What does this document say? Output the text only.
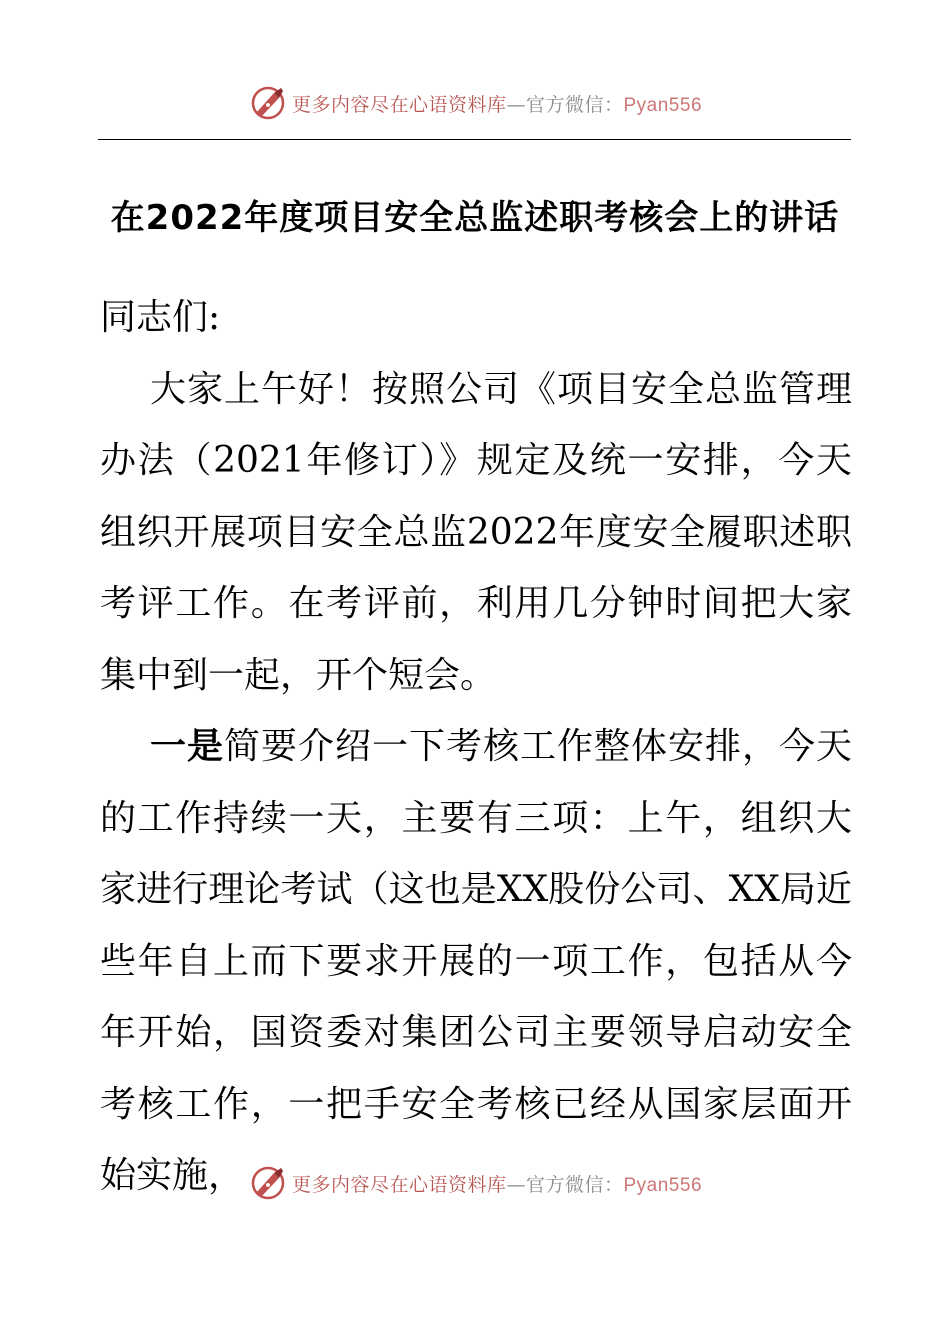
更多内容尽在心语资料库—官方微信：Pyan556
在2022年度项目安全总监述职考核会上的讲话

同志们:

大家上午好！按照公司《项目安全总监管理办法（2021年修订）》规定及统一安排，今天组织开展项目安全总监2022年度安全履职述职考评工作。在考评前，利用几分钟时间把大家集中到一起，开个短会。

一是简要介绍一下考核工作整体安排，今天的工作持续一天，主要有三项：上午，组织大家进行理论考试（这也是XX股份公司、XX局近些年自上而下要求开展的一项工作，包括从今年开始，国资委对集团公司主要领导启动安全考核工作，一把手安全考核已经从国家层面开始实施，	更多内容尽在心语资料库—官方微信：Pyan556
